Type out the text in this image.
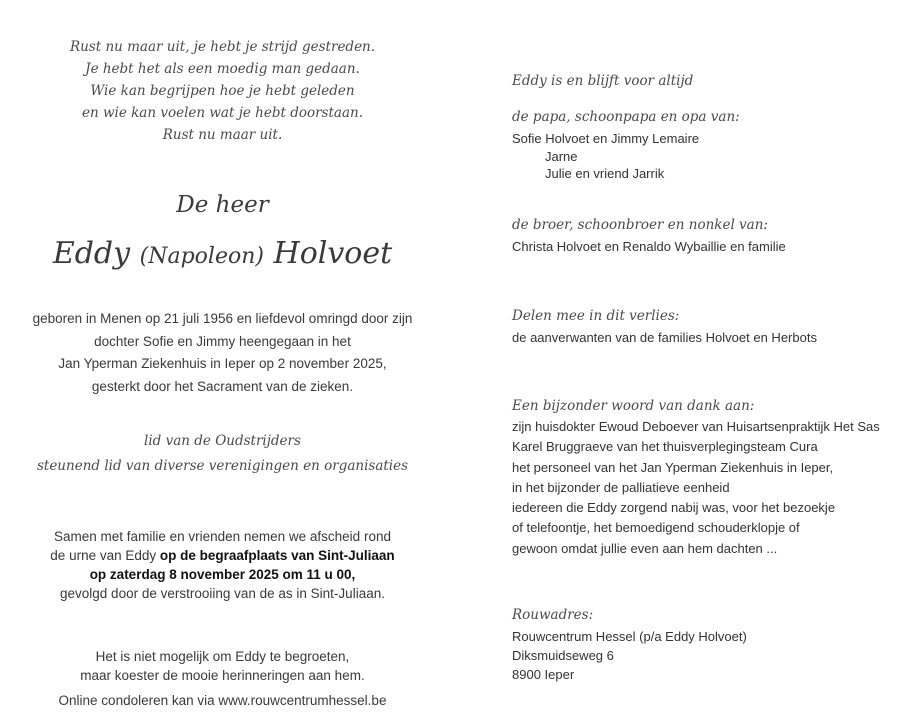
Rust nu maar uit, je hebt je strijd gestreden.
Je hebt het als een moedig man gedaan.
Wie kan begrijpen hoe je hebt geleden
en wie kan voelen wat je hebt doorstaan.
Rust nu maar uit.
De heer
Eddy (Napoleon) Holvoet
geboren in Menen op 21 juli 1956 en liefdevol omringd door zijn
dochter Sofie en Jimmy heengegaan in het
Jan Yperman Ziekenhuis in Ieper op 2 november 2025,
gesterkt door het Sacrament van de zieken.
lid van de Oudstrijders
steunend lid van diverse verenigingen en organisaties
Samen met familie en vrienden nemen we afscheid rond
de urne van Eddy op de begraafplaats van Sint-Juliaan
op zaterdag 8 november 2025 om 11 u 00,
gevolgd door de verstrooiing van de as in Sint-Juliaan.
Het is niet mogelijk om Eddy te begroeten,
maar koester de mooie herinneringen aan hem.
Online condoleren kan via www.rouwcentrumhessel.be
Eddy is en blijft voor altijd
de papa, schoonpapa en opa van:
Sofie Holvoet en Jimmy Lemaire
Jarne
Julie en vriend Jarrik
de broer, schoonbroer en nonkel van:
Christa Holvoet en Renaldo Wybaillie en familie
Delen mee in dit verlies:
de aanverwanten van de families Holvoet en Herbots
Een bijzonder woord van dank aan:
zijn huisdokter Ewoud Deboever van Huisartsenpraktijk Het Sas
Karel Bruggraeve van het thuisverplegingsteam Cura
het personeel van het Jan Yperman Ziekenhuis in Ieper,
in het bijzonder de palliatieve eenheid
iedereen die Eddy zorgend nabij was, voor het bezoekje
of telefoontje, het bemoedigend schouderklopje of
gewoon omdat jullie even aan hem dachten ...
Rouwadres:
Rouwcentrum Hessel (p/a Eddy Holvoet)
Diksmuidseweg 6
8900 Ieper
